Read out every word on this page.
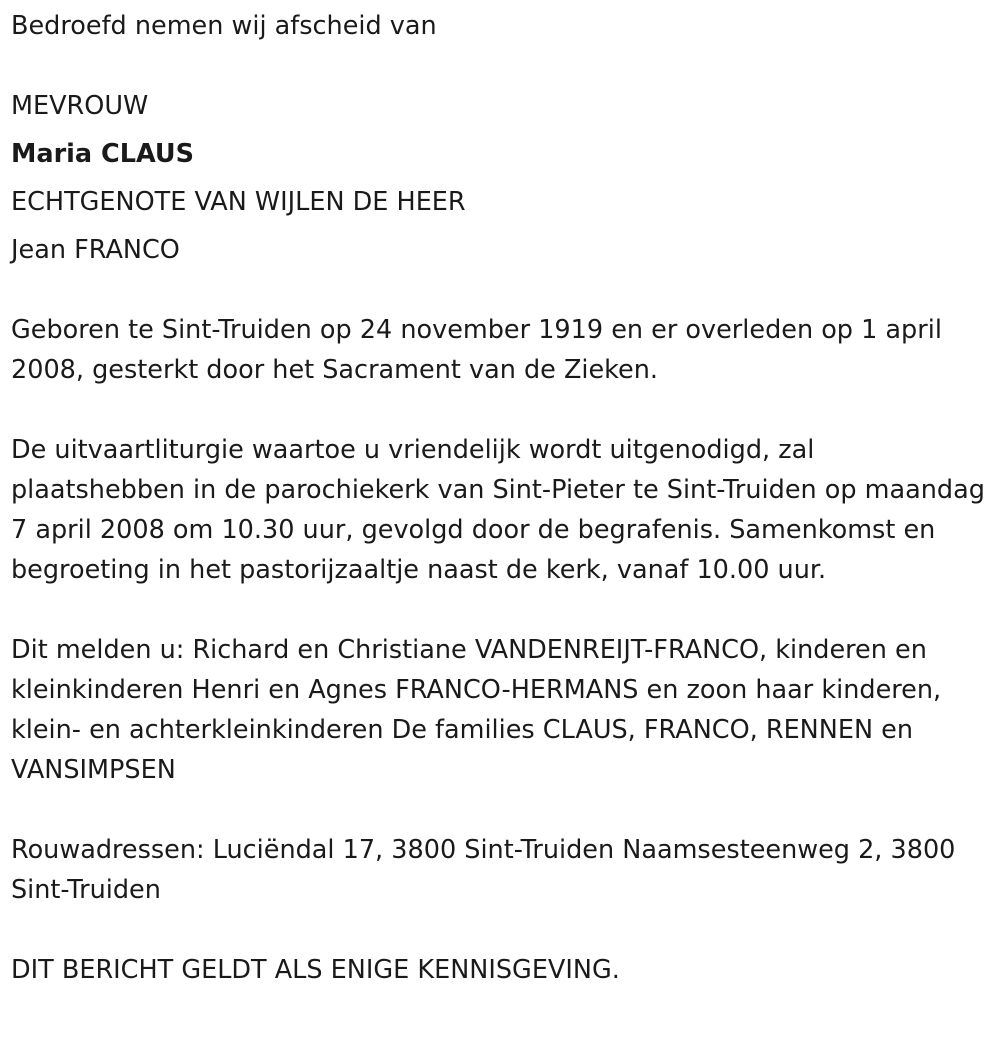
Bedroefd nemen wij afscheid van
MEVROUW
Maria CLAUS
ECHTGENOTE VAN WIJLEN DE HEER
Jean FRANCO

Geboren te Sint-Truiden op 24 november 1919 en er overleden op 1 april 2008, gesterkt door het Sacrament van de Zieken.

De uitvaartliturgie waartoe u vriendelijk wordt uitgenodigd, zal plaatshebben in de parochiekerk van Sint-Pieter te Sint-Truiden op maandag 7 april 2008 om 10.30 uur, gevolgd door de begrafenis. Samenkomst en begroeting in het pastorijzaaltje naast de kerk, vanaf 10.00 uur.

Dit melden u: Richard en Christiane VANDENREIJT-FRANCO, kinderen en kleinkinderen Henri en Agnes FRANCO-HERMANS en zoon haar kinderen, klein- en achterkleinkinderen De families CLAUS, FRANCO, RENNEN en VANSIMPSEN

Rouwadressen: Luciëndal 17, 3800 Sint-Truiden Naamsesteenweg 2, 3800 Sint-Truiden

DIT BERICHT GELDT ALS ENIGE KENNISGEVING.
